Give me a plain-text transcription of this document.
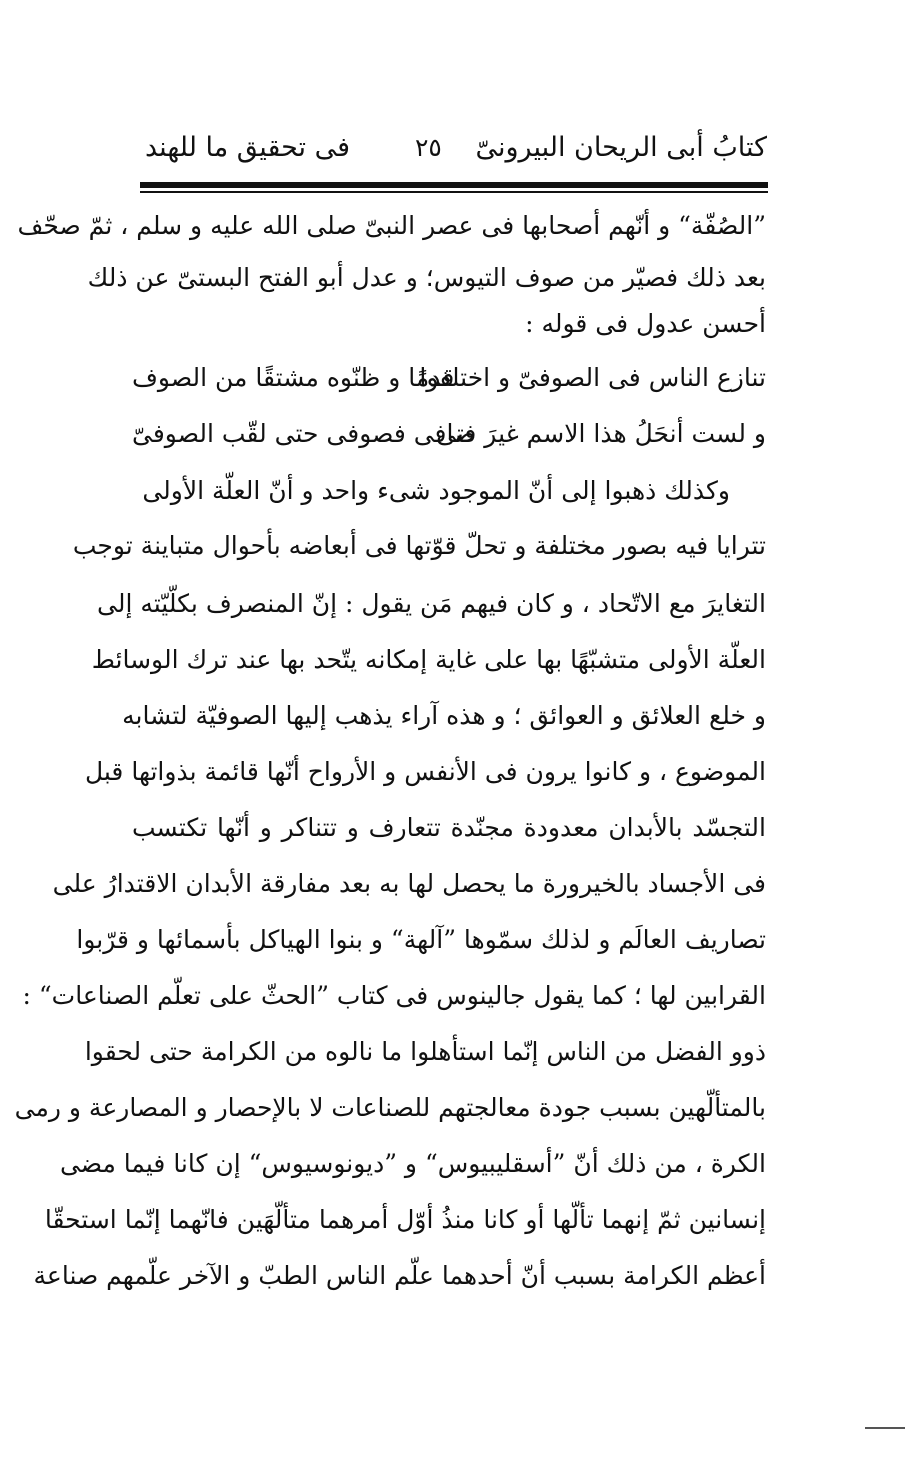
كتابُ أبى الريحان البيرونىّ
٢٥
فى تحقيق ما للهند
”الصُفّة“ و أنّهم أصحابها فى عصر النبىّ صلى الله عليه و سلم ، ثمّ صحّف
بعد ذلك فصيّر من صوف التيوس؛ و عدل أبو الفتح البستىّ عن ذلك
أحسن عدول فى قوله :
تنازع الناس فى الصوفىّ و اختلفوا
قدمًا و ظنّوه مشتقًا من الصوف
و لست أنحَلُ هذا الاسم غيرَ فتى
صافى فصوفى حتى لقّب الصوفىّ
وكذلك ذهبوا إلى أنّ الموجود شىء واحد و أنّ العلّة الأولى
تترايا فيه بصور مختلفة و تحلّ قوّتها فى أبعاضه بأحوال متباينة توجب
التغايرَ مع الاتّحاد ، و كان فيهم مَن يقول : إنّ المنصرف بكلّيّته إلى
العلّة الأولى متشبّهًا بها على غاية إمكانه يتّحد بها عند ترك الوسائط
و خلع العلائق و العوائق ؛ و هذه آراء يذهب إليها الصوفيّة لتشابه
الموضوع ، و كانوا يرون فى الأنفس و الأرواح أنّها قائمة بذواتها قبل
التجسّد بالأبدان معدودة مجنّدة تتعارف و تتناكر و أنّها تكتسب
فى الأجساد بالخيرورة ما يحصل لها به بعد مفارقة الأبدان الاقتدارُ على
تصاريف العالَم و لذلك سمّوها ”آلهة“ و بنوا الهياكل بأسمائها و قرّبوا
القرابين لها ؛ كما يقول جالينوس فى كتاب ”الحثّ على تعلّم الصناعات“ :
ذوو الفضل من الناس إنّما استأهلوا ما نالوه من الكرامة حتى لحقوا
بالمتألّهين بسبب جودة معالجتهم للصناعات لا بالإحصار و المصارعة و رمى
الكرة ، من ذلك أنّ ”أسقليبيوس“ و ”ديونوسيوس“ إن كانا فيما مضى
إنسانين ثمّ إنهما تألّها أو كانا منذُ أوّل أمرهما متألّهَين فانّهما إنّما استحقّا
أعظم الكرامة بسبب أنّ أحدهما علّم الناس الطبّ و الآخر علّمهم صناعة
